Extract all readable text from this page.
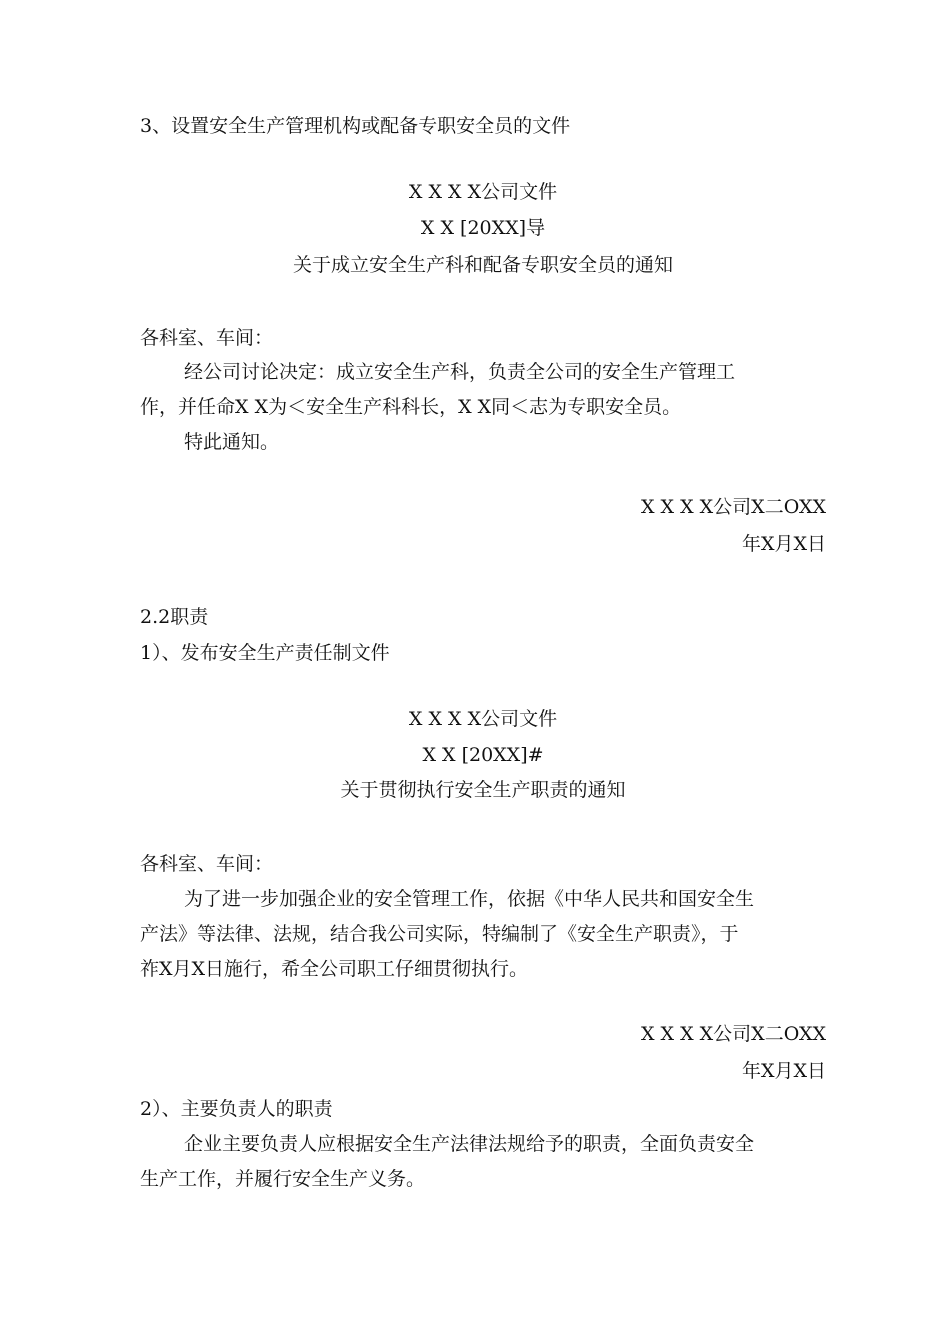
3、设置安全生产管理机构或配备专职安全员的文件
X X X X公司文件
X X [20XX]导
关于成立安全生产科和配备专职安全员的通知
各科室、车间：
经公司讨论决定：成立安全生产科，负责全公司的安全生产管理工
作，并任命X X为＜安全生产科科长，X X同＜志为专职安全员。
特此通知。
X X X X公司X二OXX
年X月X日
2.2职责
1）、发布安全生产责任制文件
X X X X公司文件
X X [20XX]#
关于贯彻执行安全生产职责的通知
各科室、车间：
为了进一步加强企业的安全管理工作，依据《中华人民共和国安全生
产法》等法律、法规，结合我公司实际，特编制了《安全生产职责》，于
祚X月X日施行，希全公司职工仔细贯彻执行。
X X X X公司X二OXX
年X月X日
2）、主要负责人的职责
企业主要负责人应根据安全生产法律法规给予的职责，全面负责安全
生产工作，并履行安全生产义务。
